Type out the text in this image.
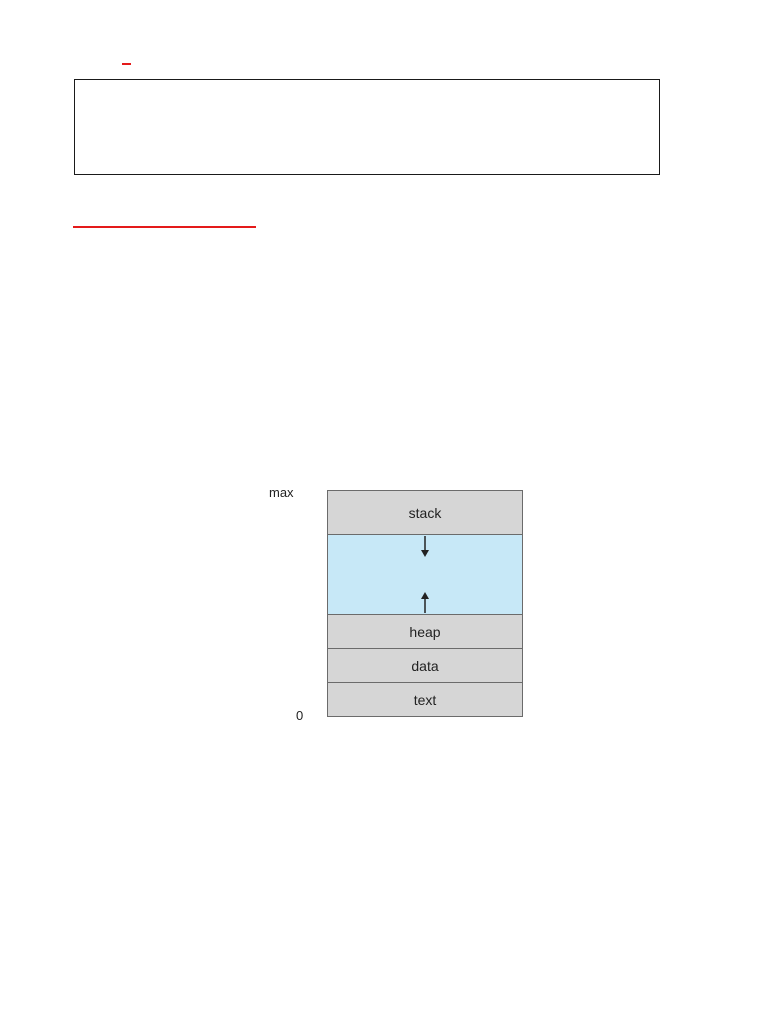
max
0
stack
heap
data
text
